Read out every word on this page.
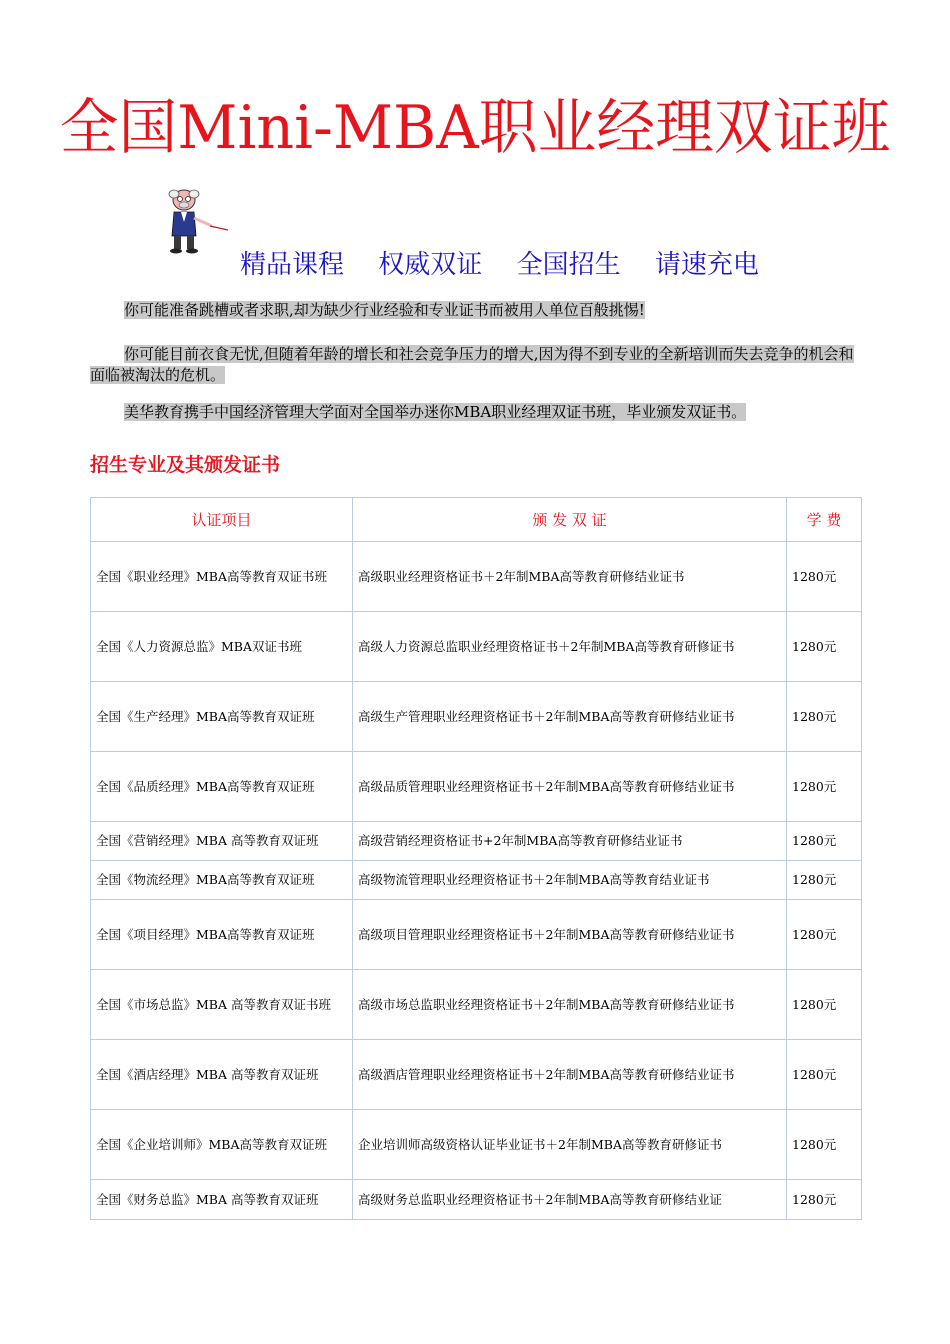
全国Mini-MBA职业经理双证班
精品课程 权威双证 全国招生 请速充电
你可能准备跳槽或者求职,却为缺少行业经验和专业证书而被用人单位百般挑惕!
你可能目前衣食无忧,但随着年龄的增长和社会竞争压力的增大,因为得不到专业的全新培训而失去竞争的机会和面临被淘汰的危机。
美华教育携手中国经济管理大学面对全国举办迷你MBA职业经理双证书班，毕业颁发双证书。
招生专业及其颁发证书
认证项目	颁 发 双 证	学 费
全国《职业经理》MBA高等教育双证书班	高级职业经理资格证书＋2年制MBA高等教育研修结业证书	1280元
全国《人力资源总监》MBA双证书班	高级人力资源总监职业经理资格证书＋2年制MBA高等教育研修证书	1280元
全国《生产经理》MBA高等教育双证班	高级生产管理职业经理资格证书＋2年制MBA高等教育研修结业证书	1280元
全国《品质经理》MBA高等教育双证班	高级品质管理职业经理资格证书＋2年制MBA高等教育研修结业证书	1280元
全国《营销经理》MBA 高等教育双证班	高级营销经理资格证书+2年制MBA高等教育研修结业证书	1280元
全国《物流经理》MBA高等教育双证班	高级物流管理职业经理资格证书＋2年制MBA高等教育结业证书	1280元
全国《项目经理》MBA高等教育双证班	高级项目管理职业经理资格证书＋2年制MBA高等教育研修结业证书	1280元
全国《市场总监》MBA 高等教育双证书班	高级市场总监职业经理资格证书＋2年制MBA高等教育研修结业证书	1280元
全国《酒店经理》MBA 高等教育双证班	高级酒店管理职业经理资格证书＋2年制MBA高等教育研修结业证书	1280元
全国《企业培训师》MBA高等教育双证班	企业培训师高级资格认证毕业证书＋2年制MBA高等教育研修证书	1280元
全国《财务总监》MBA 高等教育双证班	高级财务总监职业经理资格证书＋2年制MBA高等教育研修结业证	1280元
